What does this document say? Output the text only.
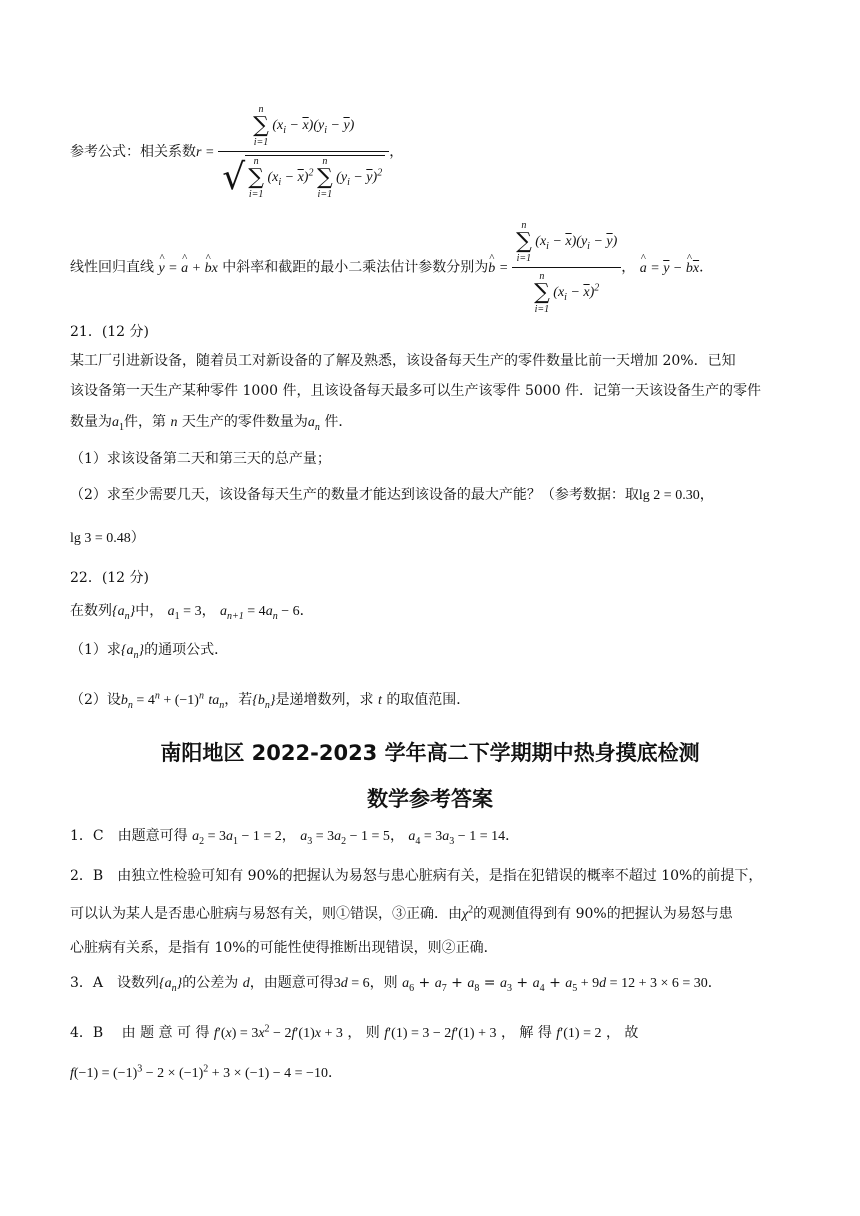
参考公式：相关系数r =
n
∑
i=1 $(x_i - \overline{x})(y_i - \overline{y})$
√ n
∑
i=1 $(x_i - \overline{x})^2$ n
∑
i=1 $(y_i - \overline{y})^2$
，
线性回归直线 ^ y = ^ a + ^ bx 中斜率和截距的最小二乘法估计参数分别为^ b = n
∑
i=1 $(x_i - \overline{x})(y_i - \overline{y})$
n
∑
i=1 $(x_i - \overline{x})^2$ ， ^ $a = \overline{y}$ − ^ $b\overline{x}$．
21．(12 分)
某工厂引进新设备，随着员工对新设备的了解及熟悉，该设备每天生产的零件数量比前一天增加 20%．已知
该设备第一天生产某种零件 1000 件，且该设备每天最多可以生产该零件 5000 件．记第一天该设备生产的零件
数量为$a_1$件，第 n 天生产的零件数量为$a_n$ 件．
（1）求该设备第二天和第三天的总产量；
（2）求至少需要几天，该设备每天生产的数量才能达到该设备的最大产能？（参考数据：取lg 2 = 0.30，
lg 3 = 0.48）
22．(12 分)
在数列$\{a_n\}$中， $a_1 = 3$， $a_{n+1} = 4a_n - 6$．
（1）求$\{a_n\}$的通项公式．
（2）设$b_n = 4^n + (-1)^n$ $ta_n$，若$\{b_n\}$是递增数列，求 t 的取值范围．
南阳地区 2022-2023 学年高二下学期期中热身摸底检测
数学参考答案
1．C　 由题意可得 $a_2 = 3a_1 - 1 = 2$， $a_3 = 3a_2 - 1 = 5$， $a_4 = 3a_3 - 1 = 14$．
2．B　由独立性检验可知有 90%的把握认为易怒与患心脏病有关，是指在犯错误的概率不超过 10%的前提下，
可以认为某人是否患心脏病与易怒有关，则①错误，③正确．由$\chi^2$的观测值得到有 90%的把握认为易怒与患
心脏病有关系，是指有 10%的可能性使得推断出现错误，则②正确．
3．A　 设数列$\{a_n\}$的公差为 d，由题意可得3d = 6，则 $a_6 + a_7 + a_8 = a_3 + a_4 + a_5 + 9d = 12 + 3 \times 6 = 30$．
4．B　 由 题 意 可 得 $f'(x) = 3x^2 - 2f'(1)x + 3$ ， 则 f′(1) = 3 − 2f′(1) + 3 ， 解 得 f′(1) = 2 ， 故
$f(-1) = (-1)^3 - 2 \times (-1)^2 + 3 \times (-1) - 4 = -10$．
